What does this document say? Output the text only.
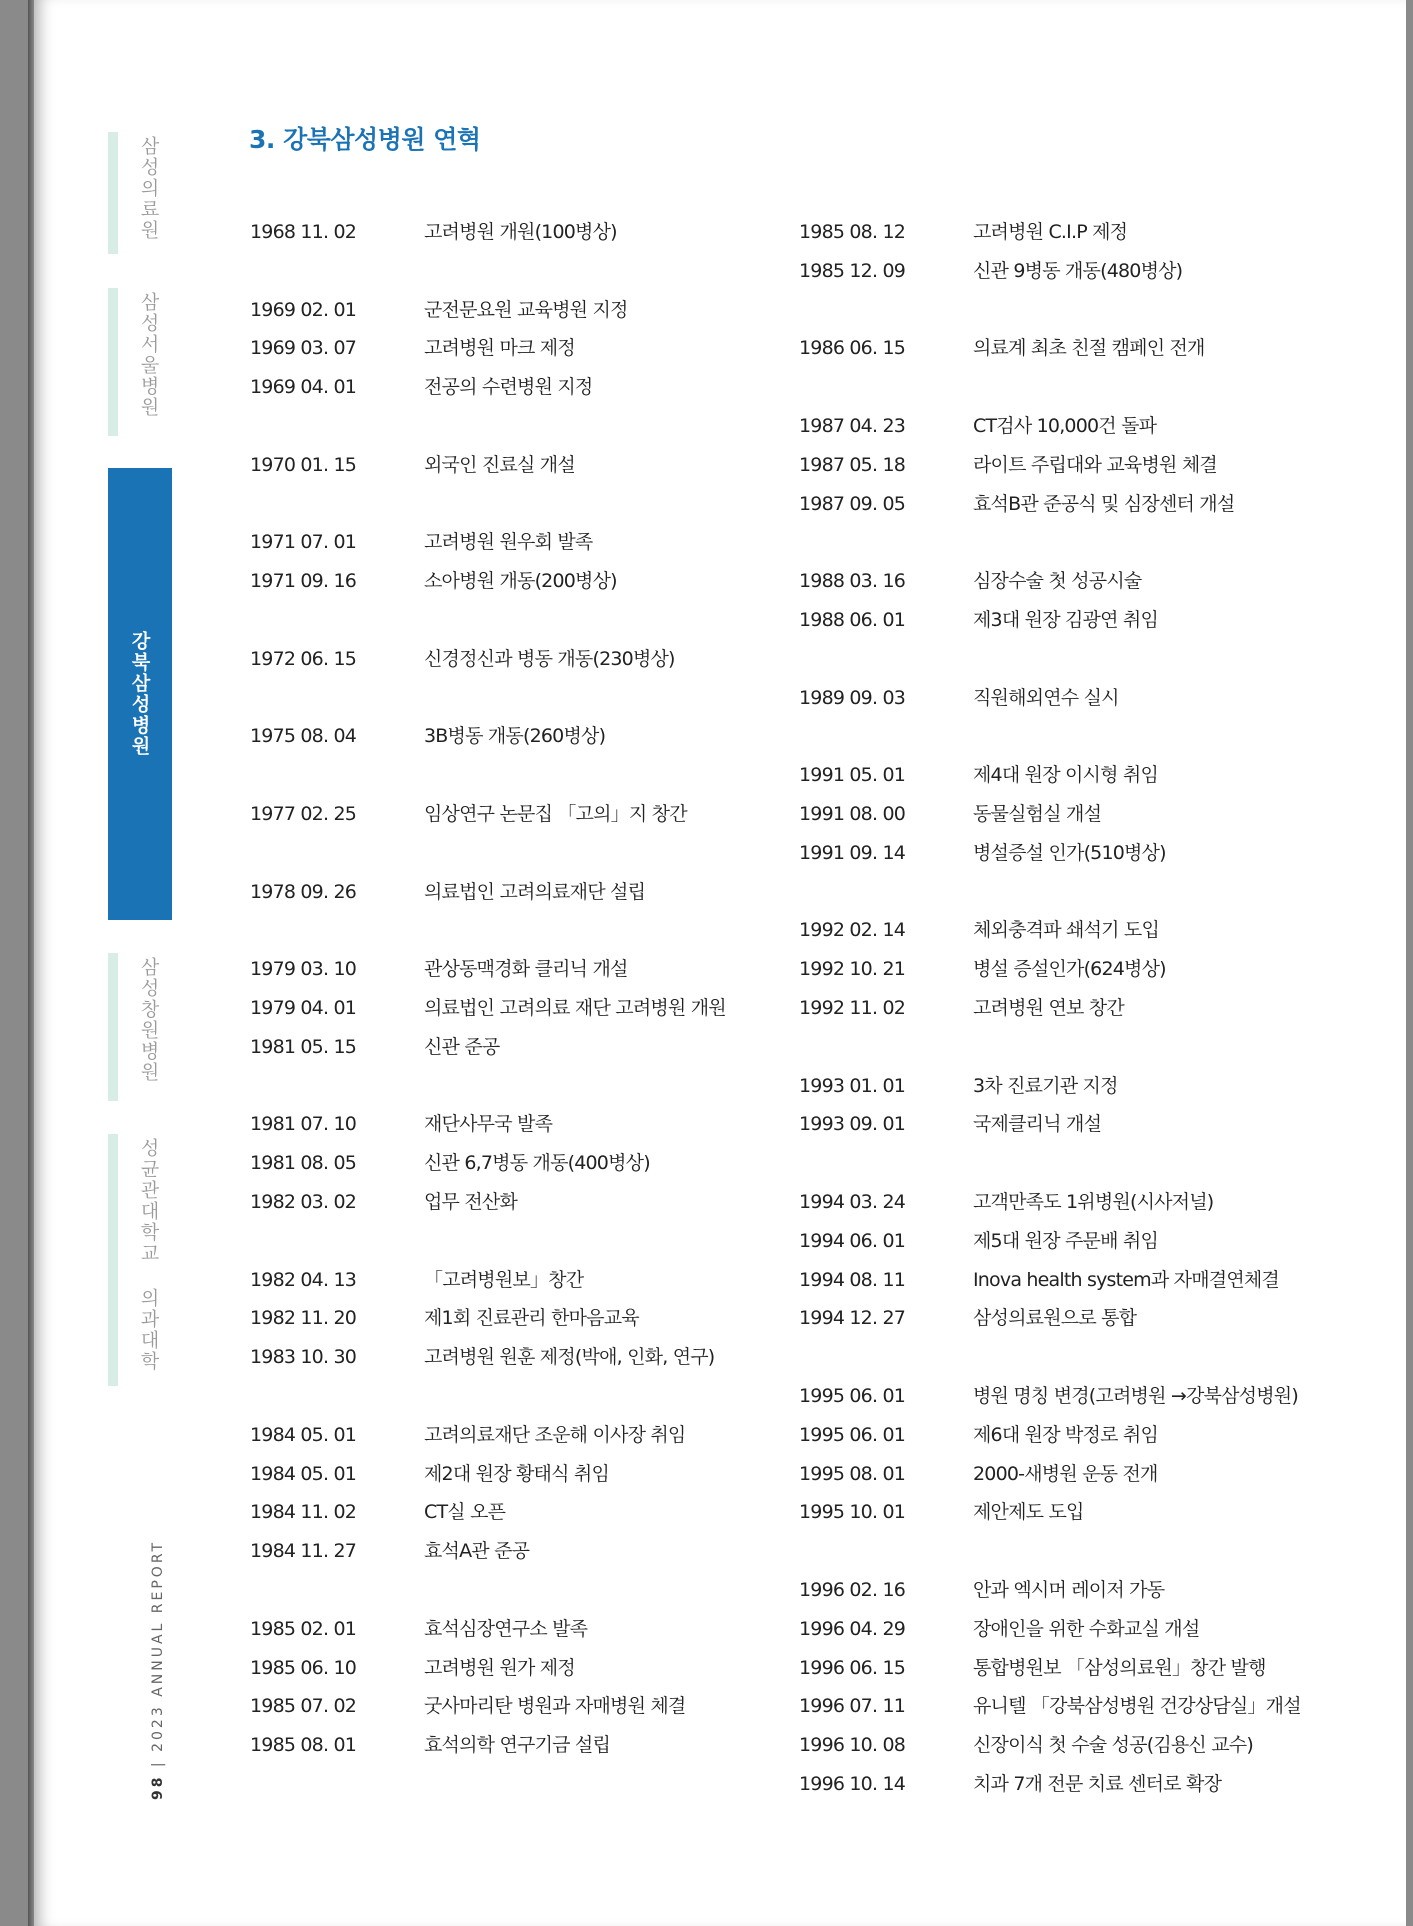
삼성의료원
삼성서울병원
강북삼성병원
삼성창원병원
성균관대학교 의과대학
98 | 2023 ANNUAL REPORT
3. 강북삼성병원 연혁
1968 11. 02	고려병원 개원(100병상)
1969 02. 01	군전문요원 교육병원 지정
1969 03. 07	고려병원 마크 제정
1969 04. 01	전공의 수련병원 지정
1970 01. 15	외국인 진료실 개설
1971 07. 01	고려병원 원우회 발족
1971 09. 16	소아병원 개동(200병상)
1972 06. 15	신경정신과 병동 개동(230병상)
1975 08. 04	3B병동 개동(260병상)
1977 02. 25	임상연구 논문집 「고의」지 창간
1978 09. 26	의료법인 고려의료재단 설립
1979 03. 10	관상동맥경화 클리닉 개설
1979 04. 01	의료법인 고려의료 재단 고려병원 개원
1981 05. 15	신관 준공
1981 07. 10	재단사무국 발족
1981 08. 05	신관 6,7병동 개동(400병상)
1982 03. 02	업무 전산화
1982 04. 13	「고려병원보」창간
1982 11. 20	제1회 진료관리 한마음교육
1983 10. 30	고려병원 원훈 제정(박애, 인화, 연구)
1984 05. 01	고려의료재단 조운해 이사장 취임
1984 05. 01	제2대 원장 황태식 취임
1984 11. 02	CT실 오픈
1984 11. 27	효석A관 준공
1985 02. 01	효석심장연구소 발족
1985 06. 10	고려병원 원가 제정
1985 07. 02	굿사마리탄 병원과 자매병원 체결
1985 08. 01	효석의학 연구기금 설립
1985 08. 12	고려병원 C.I.P 제정
1985 12. 09	신관 9병동 개동(480병상)
1986 06. 15	의료계 최초 친절 캠페인 전개
1987 04. 23	CT검사 10,000건 돌파
1987 05. 18	라이트 주립대와 교육병원 체결
1987 09. 05	효석B관 준공식 및 심장센터 개설
1988 03. 16	심장수술 첫 성공시술
1988 06. 01	제3대 원장 김광연 취임
1989 09. 03	직원해외연수 실시
1991 05. 01	제4대 원장 이시형 취임
1991 08. 00	동물실험실 개설
1991 09. 14	병설증설 인가(510병상)
1992 02. 14	체외충격파 쇄석기 도입
1992 10. 21	병설 증설인가(624병상)
1992 11. 02	고려병원 연보 창간
1993 01. 01	3차 진료기관 지정
1993 09. 01	국제클리닉 개설
1994 03. 24	고객만족도 1위병원(시사저널)
1994 06. 01	제5대 원장 주문배 취임
1994 08. 11	Inova health system과 자매결연체결
1994 12. 27	삼성의료원으로 통합
1995 06. 01	병원 명칭 변경(고려병원 →강북삼성병원)
1995 06. 01	제6대 원장 박정로 취임
1995 08. 01	2000-새병원 운동 전개
1995 10. 01	제안제도 도입
1996 02. 16	안과 엑시머 레이저 가동
1996 04. 29	장애인을 위한 수화교실 개설
1996 06. 15	통합병원보 「삼성의료원」창간 발행
1996 07. 11	유니텔 「강북삼성병원 건강상담실」개설
1996 10. 08	신장이식 첫 수술 성공(김용신 교수)
1996 10. 14	치과 7개 전문 치료 센터로 확장
